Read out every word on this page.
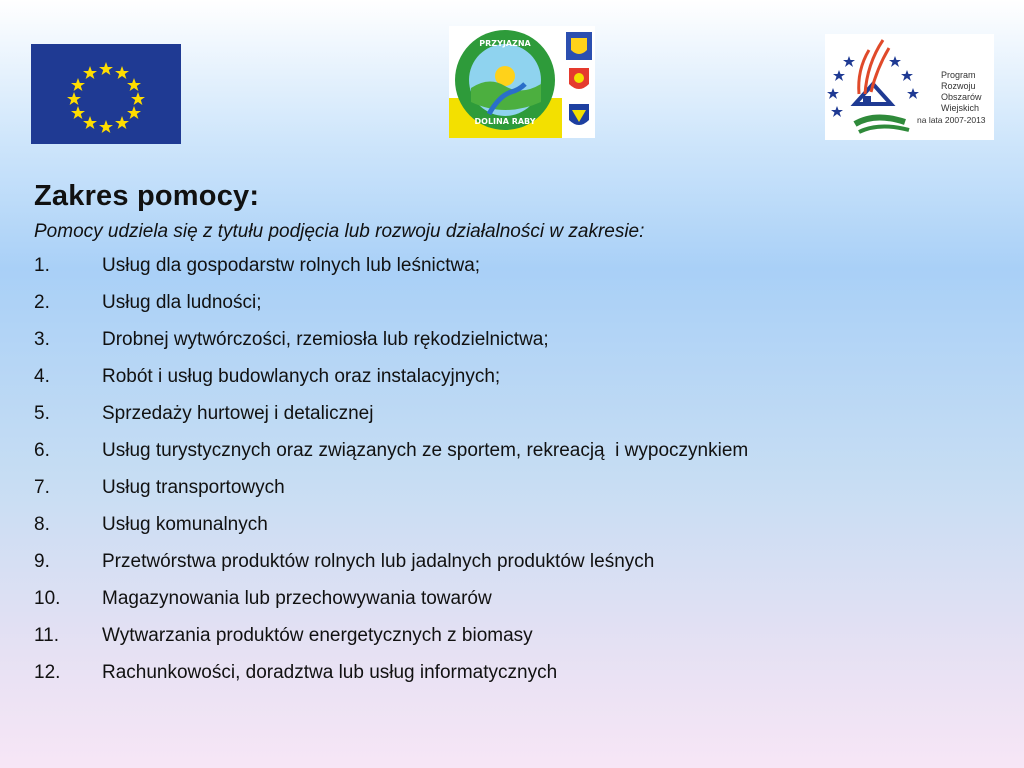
PRZYJAZNA
DOLINA RABY
Program
Rozwoju
Obszarów
Wiejskich
na lata 2007-2013
Zakres pomocy:
Pomocy udziela się z tytułu podjęcia lub rozwoju działalności w zakresie:
1.	Usług dla gospodarstw rolnych lub leśnictwa;
2.	Usług dla ludności;
3.	Drobnej wytwórczości, rzemiosła lub rękodzielnictwa;
4.	Robót i usług budowlanych oraz instalacyjnych;
5.	Sprzedaży hurtowej i detalicznej
6.	Usług turystycznych oraz związanych ze sportem, rekreacją  i wypoczynkiem
7.	Usług transportowych
8.	Usług komunalnych
9.	Przetwórstwa produktów rolnych lub jadalnych produktów leśnych
10.	Magazynowania lub przechowywania towarów
11.	Wytwarzania produktów energetycznych z biomasy
12.	Rachunkowości, doradztwa lub usług informatycznych
